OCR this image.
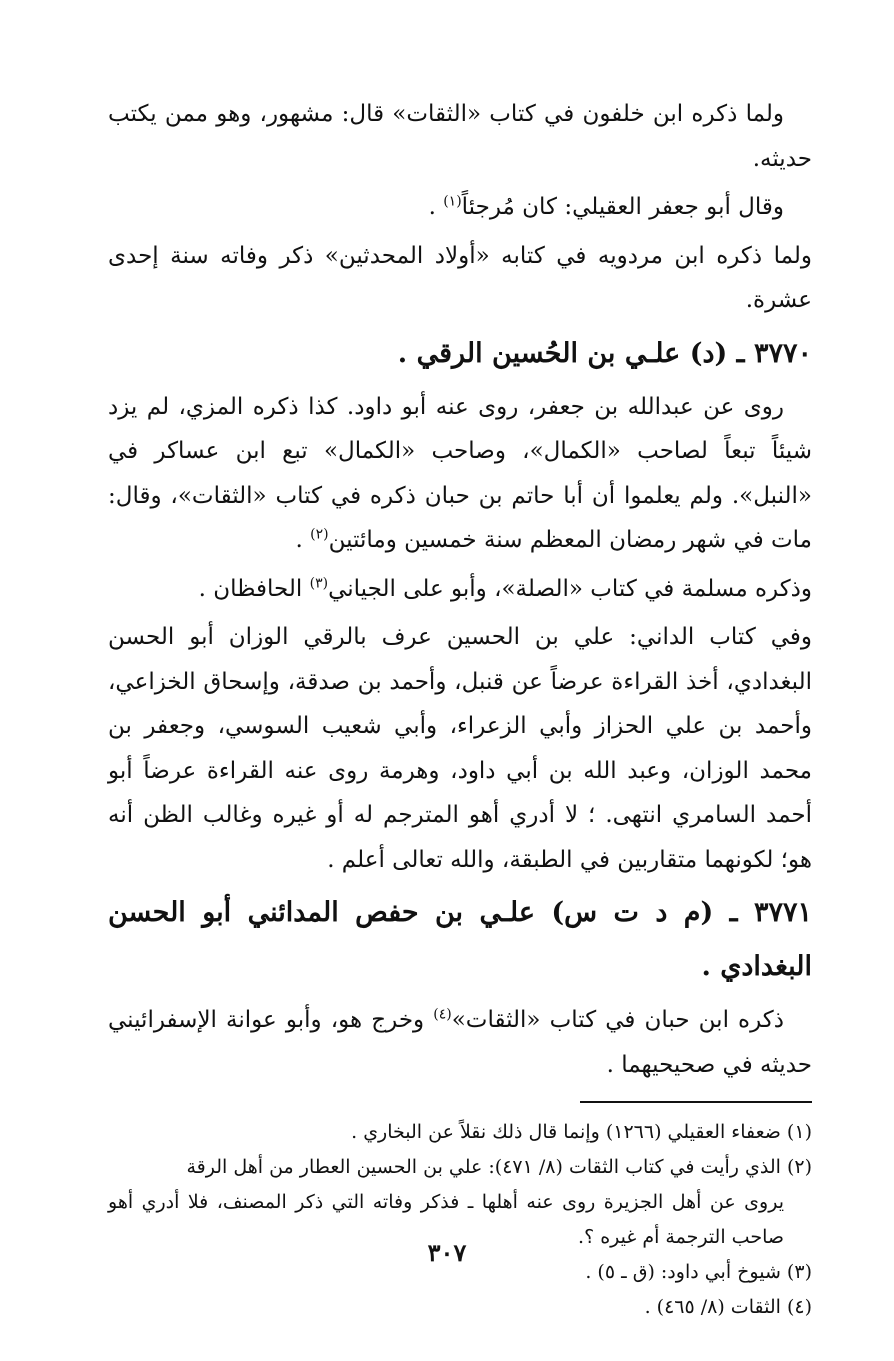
ولما ذكره ابن خلفون في كتاب «الثقات» قال: مشهور، وهو ممن يكتب حديثه.

وقال أبو جعفر العقيلي: كان مُرجئاً$^{(١)}$ .

ولما ذكره ابن مردويه في كتابه «أولاد المحدثين» ذكر وفاته سنة إحدى عشرة.

٣٧٧٠ ـ (د) علـي بن الحُسين الرقي .

روى عن عبدالله بن جعفر، روى عنه أبو داود. كذا ذكره المزي، لم يزد شيئاً تبعاً لصاحب «الكمال»، وصاحب «الكمال» تبع ابن عساكر في «النبل». ولم يعلموا أن أبا حاتم بن حبان ذكره في كتاب «الثقات»، وقال: مات في شهر رمضان المعظم سنة خمسين ومائتين$^{(٢)}$ .

وذكره مسلمة في كتاب «الصلة»، وأبو على الجياني$^{(٣)}$ الحافظان .

وفي كتاب الداني: علي بن الحسين عرف بالرقي الوزان أبو الحسن البغدادي، أخذ القراءة عرضاً عن قنبل، وأحمد بن صدقة، وإسحاق الخزاعي، وأحمد بن علي الحزاز وأبي الزعراء، وأبي شعيب السوسي، وجعفر بن محمد الوزان، وعبد الله بن أبي داود، وهرمة روى عنه القراءة عرضاً أبو أحمد السامري انتهى. ؛ لا أدري أهو المترجم له أو غيره وغالب الظن أنه هو؛ لكونهما متقاربين في الطبقة، والله تعالى أعلم .

٣٧٧١ ـ (م د ت س) علـي بن حفص المدائني أبو الحسن البغدادي .

ذكره ابن حبان في كتاب «الثقات»$^{(٤)}$ وخرج هو، وأبو عوانة الإسفرائيني حديثه في صحيحيهما .

(١) ضعفاء العقيلي (١٢٦٦) وإنما قال ذلك نقلاً عن البخاري .

(٢) الذي رأيت في كتاب الثقات (٨/ ٤٧١): علي بن الحسين العطار من أهل الرقة

يروى عن أهل الجزيرة روى عنه أهلها ـ فذكر وفاته التي ذكر المصنف، فلا أدري أهو صاحب الترجمة أم غيره ؟.

(٣) شيوخ أبي داود: (ق ـ ٥) .

(٤) الثقات (٨/ ٤٦٥) .

٣٠٧
